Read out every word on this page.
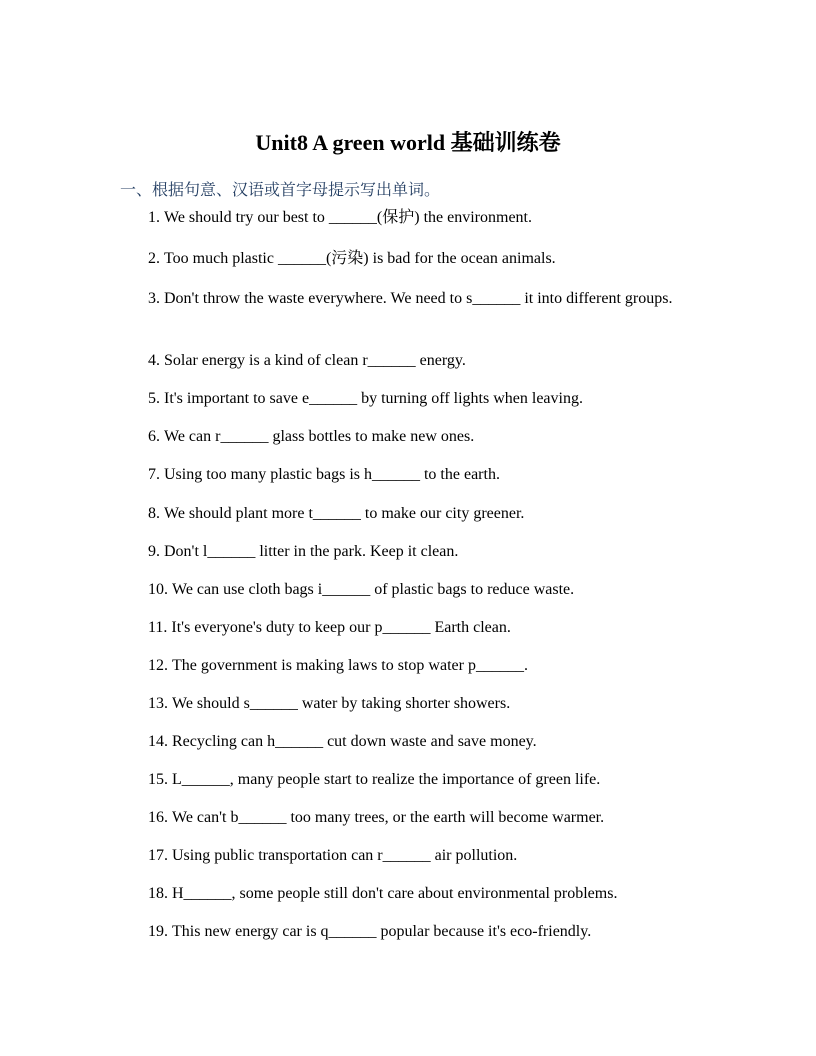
Unit8 A green world 基础训练卷
一、根据句意、汉语或首字母提示写出单词。
1. We should try our best to ______(保护) the environment.
2. Too much plastic ______(污染) is bad for the ocean animals.
3. Don't throw the waste everywhere. We need to s______ it into different groups.
4. Solar energy is a kind of clean r______ energy.
5. It's important to save e______ by turning off lights when leaving.
6. We can r______ glass bottles to make new ones.
7. Using too many plastic bags is h______ to the earth.
8. We should plant more t______ to make our city greener.
9. Don't l______ litter in the park. Keep it clean.
10. We can use cloth bags i______ of plastic bags to reduce waste.
11. It's everyone's duty to keep our p______ Earth clean.
12. The government is making laws to stop water p______.
13. We should s______ water by taking shorter showers.
14. Recycling can h______ cut down waste and save money.
15. L______, many people start to realize the importance of green life.
16. We can't b______ too many trees, or the earth will become warmer.
17. Using public transportation can r______ air pollution.
18. H______, some people still don't care about environmental problems.
19. This new energy car is q______ popular because it's eco-friendly.
